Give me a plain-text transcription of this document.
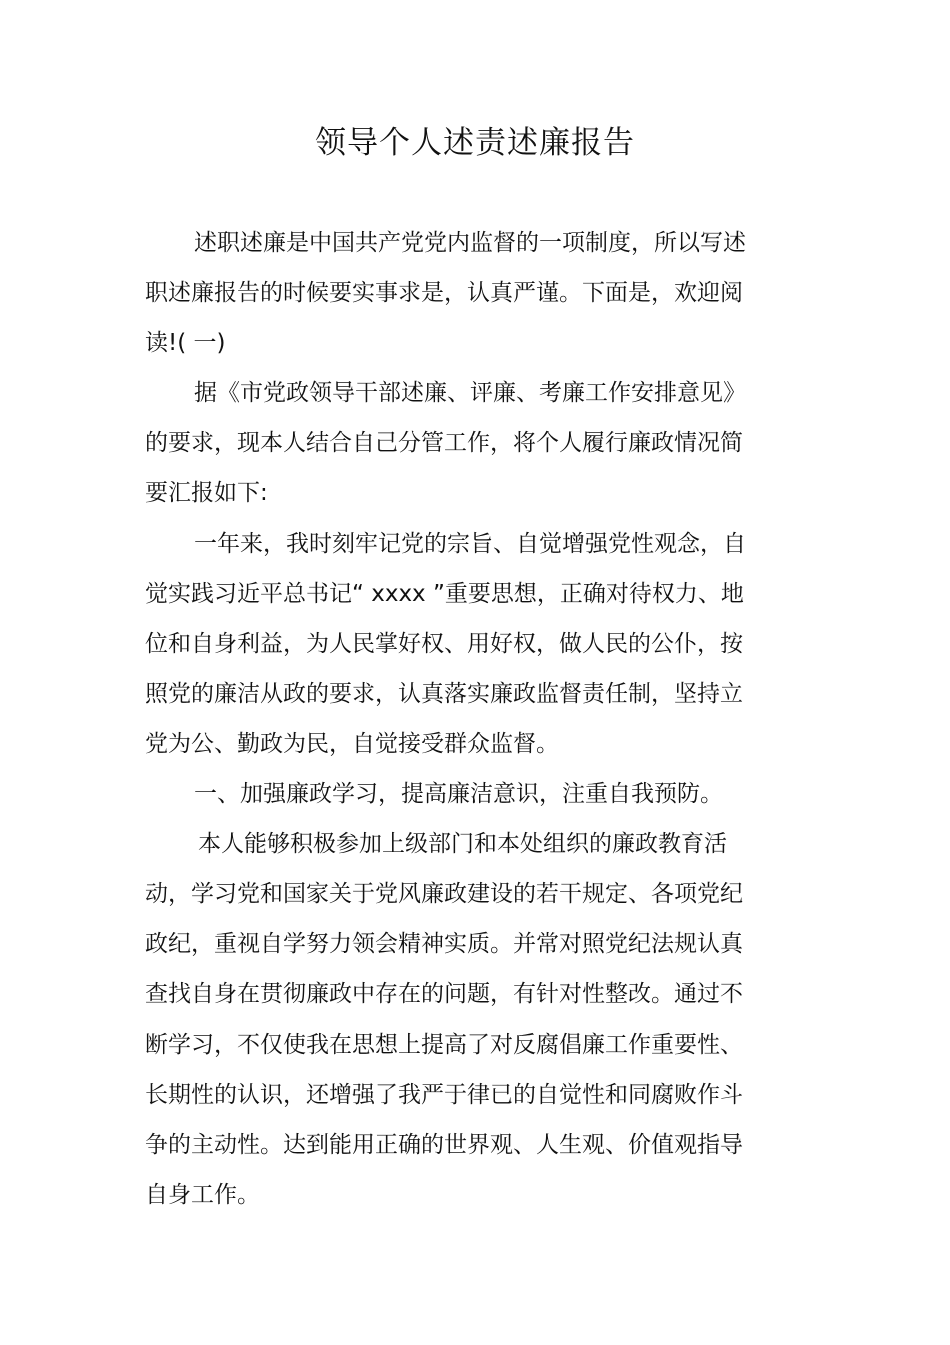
领导个人述责述廉报告
述职述廉是中国共产党党内监督的一项制度，所以写述
职述廉报告的时候要实事求是，认真严谨。下面是，欢迎阅
读!( 一)
据《市党政领导干部述廉、评廉、考廉工作安排意见》
的要求，现本人结合自己分管工作，将个人履行廉政情况简
要汇报如下:
一年来，我时刻牢记党的宗旨、自觉增强党性观念，自
觉实践习近平总书记“ xxxx ”重要思想，正确对待权力、地
位和自身利益，为人民掌好权、用好权，做人民的公仆，按
照党的廉洁从政的要求，认真落实廉政监督责任制，坚持立
党为公、勤政为民，自觉接受群众监督。
一、加强廉政学习，提高廉洁意识，注重自我预防。
本人能够积极参加上级部门和本处组织的廉政教育活
动，学习党和国家关于党风廉政建设的若干规定、各项党纪
政纪，重视自学努力领会精神实质。并常对照党纪法规认真
查找自身在贯彻廉政中存在的问题，有针对性整改。通过不
断学习，不仅使我在思想上提高了对反腐倡廉工作重要性、
长期性的认识，还增强了我严于律已的自觉性和同腐败作斗
争的主动性。达到能用正确的世界观、人生观、价值观指导
自身工作。
